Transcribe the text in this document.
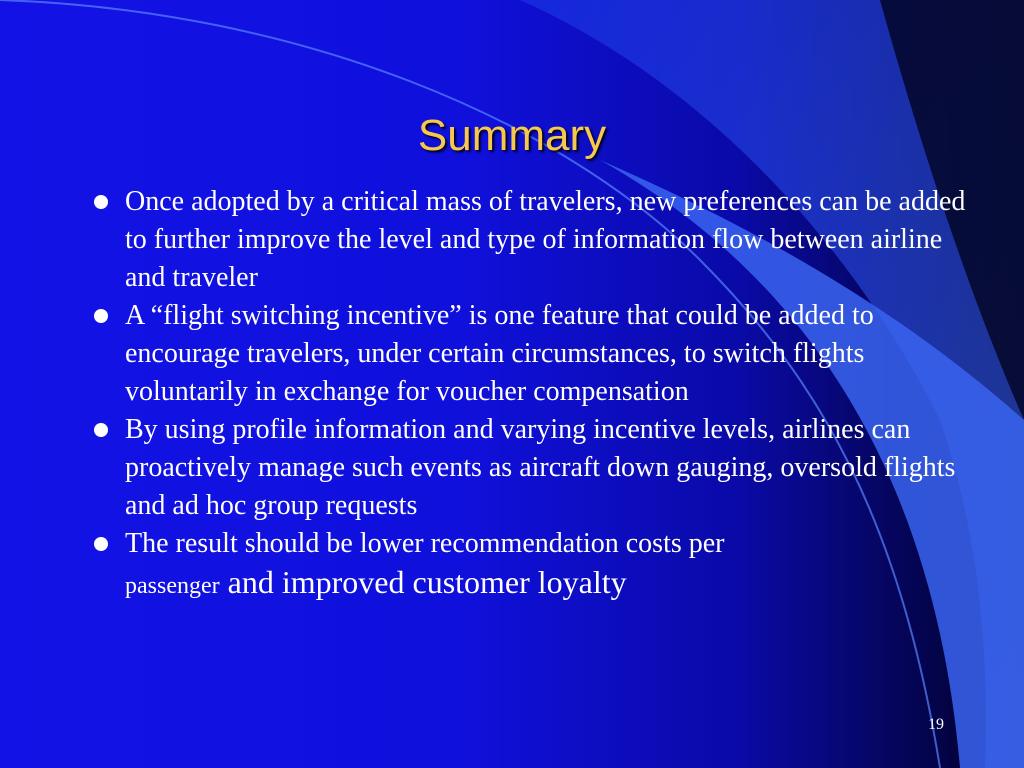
Summary
Once adopted by a critical mass of travelers, new preferences can be added to further improve the level and type of information flow between airline and traveler
A “flight switching incentive” is one feature that could be added to encourage travelers, under certain circumstances, to switch flights voluntarily in exchange for voucher compensation
By using profile information and varying incentive levels, airlines can proactively manage such events as aircraft down gauging, oversold flights and ad hoc group requests
The result should be lower recommendation costs per
passenger and improved customer loyalty
19
